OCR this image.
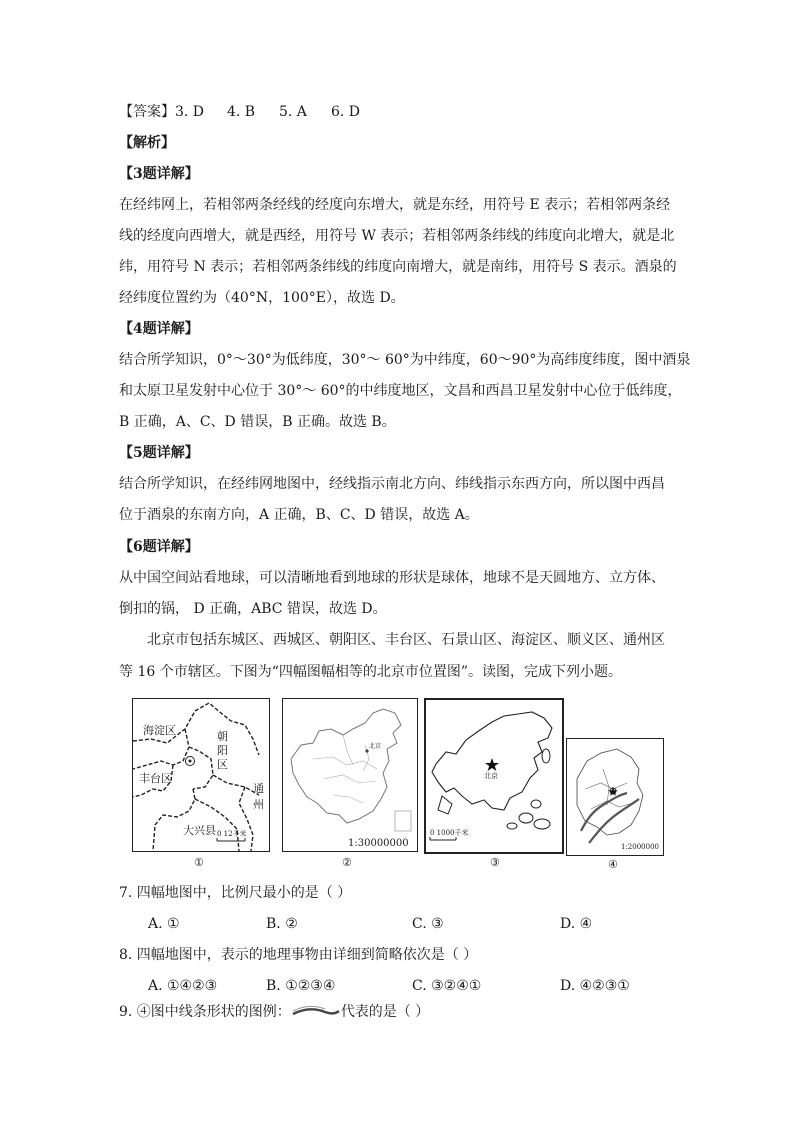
【答案】3. D 4. B 5. A 6. D
【解析】
【3题详解】
在经纬网上，若相邻两条经线的经度向东增大，就是东经，用符号 E 表示；若相邻两条经
线的经度向西增大，就是西经，用符号 W 表示；若相邻两条纬线的纬度向北增大，就是北
纬，用符号 N 表示；若相邻两条纬线的纬度向南增大，就是南纬，用符号 S 表示。酒泉的
经纬度位置约为（40°N，100°E），故选 D。
【4题详解】
结合所学知识，0°～30°为低纬度，30°～ 60°为中纬度，60～90°为高纬度纬度，图中酒泉
和太原卫星发射中心位于 30°～ 60°的中纬度地区，文昌和西昌卫星发射中心位于低纬度，
B 正确，A、C、D 错误，B 正确。故选 B。
【5题详解】
结合所学知识，在经纬网地图中，经线指示南北方向、纬线指示东西方向，所以图中西昌
位于酒泉的东南方向，A 正确，B、C、D 错误，故选 A。
【6题详解】
从中国空间站看地球，可以清晰地看到地球的形状是球体，地球不是天圆地方、立方体、
倒扣的锅， D 正确，ABC 错误，故选 D。
北京市包括东城区、西城区、朝阳区、丰台区、石景山区、海淀区、顺义区、通州区
等 16 个市辖区。下图为“四幅图幅相等的北京市位置图”。读图，完成下列小题。
海淀区	朝
阳
区
丰台区
通
州
大兴县 0 12千米
①
北京
1:30000000
②
北京
0 1000千米
③
1:2000000
④
7. 四幅地图中，比例尺最小的是（ ）
A. ①	B. ②	C. ③	D. ④
8. 四幅地图中，表示的地理事物由详细到简略依次是（ ）
A. ①④②③	B. ①②③④	C. ③②④①	D. ④②③①
9. ④图中线条形状的图例：	代表的是（ ）
